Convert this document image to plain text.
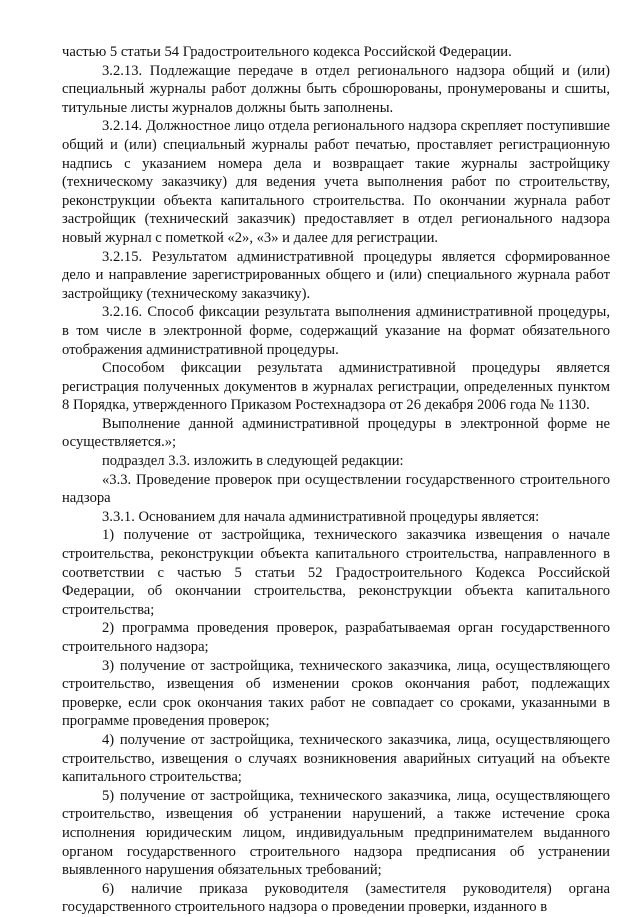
частью 5 статьи 54 Градостроительного кодекса Российской Федерации.

3.2.13. Подлежащие передаче в отдел регионального надзора общий и (или) специальный журналы работ должны быть сброшюрованы, пронумерованы и сшиты, титульные листы журналов должны быть заполнены.

3.2.14. Должностное лицо отдела регионального надзора скрепляет поступившие общий и (или) специальный журналы работ печатью, проставляет регистрационную надпись с указанием номера дела и возвращает такие журналы застройщику (техническому заказчику) для ведения учета выполнения работ по строительству, реконструкции объекта капитального строительства. По окончании журнала работ застройщик (технический заказчик) предоставляет в отдел регионального надзора новый журнал с пометкой «2», «3» и далее для регистрации.

3.2.15. Результатом административной процедуры является сформированное дело и направление зарегистрированных общего и (или) специального журнала работ застройщику (техническому заказчику).

3.2.16. Способ фиксации результата выполнения административной процедуры, в том числе в электронной форме, содержащий указание на формат обязательного отображения административной процедуры.

Способом фиксации результата административной процедуры является регистрация полученных документов в журналах регистрации, определенных пунктом 8 Порядка, утвержденного Приказом Ростехнадзора от 26 декабря 2006 года № 1130.

Выполнение данной административной процедуры в электронной форме не осуществляется.»;

подраздел 3.3. изложить в следующей редакции:

«3.3. Проведение проверок при осуществлении государственного строительного надзора

3.3.1. Основанием для начала административной процедуры является:

1) получение от застройщика, технического заказчика извещения о начале строительства, реконструкции объекта капитального строительства, направленного в соответствии с частью 5 статьи 52 Градостроительного Кодекса Российской Федерации, об окончании строительства, реконструкции объекта капитального строительства;

2) программа проведения проверок, разрабатываемая орган государственного строительного надзора;

3) получение от застройщика, технического заказчика, лица, осуществляющего строительство, извещения об изменении сроков окончания работ, подлежащих проверке, если срок окончания таких работ не совпадает со сроками, указанными в программе проведения проверок;

4) получение от застройщика, технического заказчика, лица, осуществляющего строительство, извещения о случаях возникновения аварийных ситуаций на объекте капитального строительства;

5) получение от застройщика, технического заказчика, лица, осуществляющего строительство, извещения об устранении нарушений, а также истечение срока исполнения юридическим лицом, индивидуальным предпринимателем выданного органом государственного строительного надзора предписания об устранении выявленного нарушения обязательных требований;

6) наличие приказа руководителя (заместителя руководителя) органа государственного строительного надзора о проведении проверки, изданного в
